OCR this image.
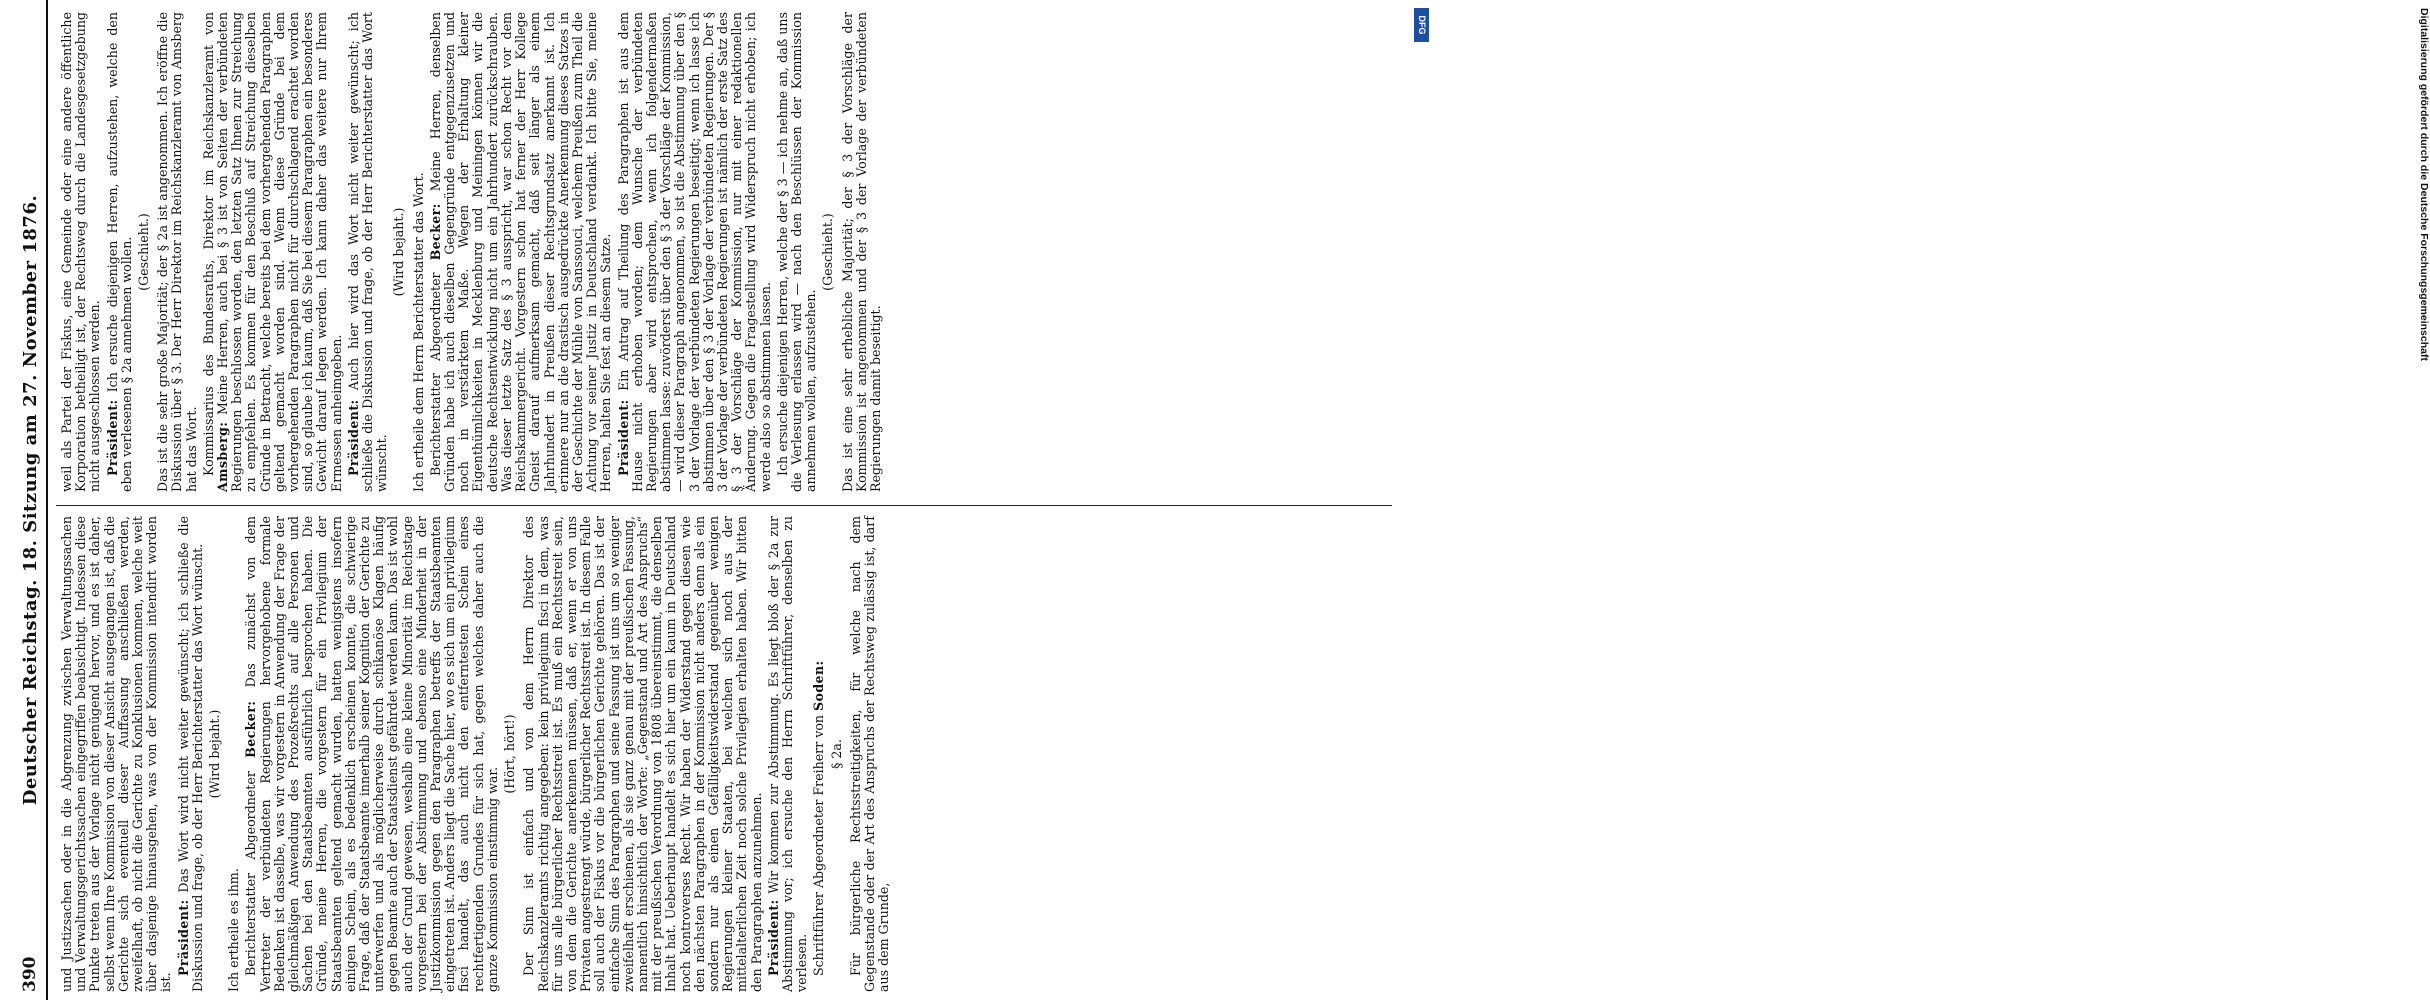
390
Deutscher Reichstag. 18. Sitzung am 27. November 1876. und Justizsachen oder in die Abgrenzung zwischen Verwaltungssachen und Verwaltungsgerichtssachen eingegriffen beabsichtigt. Indessen diese Punkte treten aus der Vorlage nicht genügend hervor, und es ist daher, selbst wenn Ihre Kommission von dieser Ansicht ausgegangen ist, daß die Gerichte sich eventuell dieser Auffassung anschließen werden, zweifelhaft, ob nicht die Gerichte zu Konklusionen kommen, welche weit über dasjenige hinausgehen, was von der Kommission intendirt worden ist.

Präsident: Das Wort wird nicht weiter gewünscht; ich schließe die Diskussion und frage, ob der Herr Berichterstatter das Wort wünscht. (Wird bejaht.)

Ich ertheile es ihm. Berichterstatter Abgeordneter Becker: Das zunächst von dem Vertreter der verbündeten Regierungen hervorgehobene formale Bedenken ist dasselbe, was wir vorgestern in Anwendung der Frage der gleichmäßigen Anwendung des Prozeßrechts auf alle Personen und Sachen bei den Staatsbeamten ausführlich besprochen haben. Die Gründe, meine Herren, die vorgestern für ein Privilegium der Staatsbeamten geltend gemacht wurden, hatten wenigstens insofern einigen Schein, als es bedenklich erscheinen konnte, die schwierige Frage, daß der Staatsbeamte innerhalb seiner Kognition der Gerichte zu unterwerfen und als möglicherweise durch schikanöse Klagen häufig gegen Beamte auch der Staatsdienst gefährdet werden kann. Das ist wohl auch der Grund gewesen, weshalb eine kleine Minorität im Reichstage vorgestern bei der Abstimmung und ebenso eine Minderheit in der Justizkommission gegen den Paragraphen betreffs der Staatsbeamten eingetreten ist. Anders liegt die Sache hier, wo es sich um ein privilegium fisci handelt, das auch nicht den entferntesten Schein eines rechtfertigenden Grundes für sich hat, gegen welches daher auch die ganze Kommission einstimmig war.

(Hört, hört!) Der Sinn ist einfach und von dem Herrn Direktor des Reichskanzleramts richtig angegeben: kein privilegium fisci in dem, was für uns alle bürgerlicher Rechtsstreit ist. Es muß ein Rechtsstreit sein, von dem die Gerichte anerkennen müssen, daß er, wenn er von uns Privaten angestrengt würde, bürgerlicher Rechtsstreit ist. In diesem Falle soll auch der Fiskus vor die bürgerlichen Gerichte gehören. Das ist der einfache Sinn des Paragraphen und seine Fassung ist uns um so weniger zweifelhaft erschienen, als sie ganz genau mit der preußischen Fassung, namentlich hinsichtlich der Worte: „Gegenstand und Art des Anspruchs“ mit der preußischen Verordnung von 1808 übereinstimmt, die denselben Inhalt hat. Ueberhaupt handelt es sich hier um ein kaum in Deutschland noch kontroverses Recht. Wir haben der Widerstand gegen diesen wie den nächsten Paragraphen in der Kommission nicht anders denn als ein sondern nur als einen Gefälligkeitswiderstand gegenüber wenigen Regierungen kleiner Staaten, bei welchen sich noch aus der mittelalterlichen Zeit noch solche Privilegien erhalten haben. Wir bitten den Paragraphen anzunehmen. Präsident: Wir kommen zur Abstimmung. Es liegt bloß der § 2a zur Abstimmung vor; ich ersuche den Herrn Schriftführer, denselben zu verlesen. Schriftführer Abgeordneter Freiherr von Soden:

§ 2a. Für bürgerliche Rechtsstreitigkeiten, für welche nach dem Gegenstande oder der Art des Anspruchs der Rechtsweg zulässig ist, darf aus dem Grunde,

weil als Partei der Fiskus, eine Gemeinde oder eine andere öffentliche Korporation betheiligt ist, der Rechtsweg durch die Landesgesetzgebung nicht ausgeschlossen werden. Präsident: Ich ersuche diejenigen Herren, aufzustehen, welche den eben verlesenen § 2a annehmen wollen. (Geschieht.) Das ist die sehr große Majorität; der § 2a ist angenommen. Ich eröffne die Diskussion über § 3. Der Herr Direktor im Reichskanzleramt von Amsberg hat das Wort. Kommissarius des Bundesraths, Direktor im Reichskanzleramt von Amsberg: Meine Herren, auch bei § 3 ist von Seiten der verbündeten Regierungen beschlossen worden, den letzten Satz Ihnen zur Streichung zu empfehlen. Es kommen für den Beschluß auf Streichung dieselben Gründe in Betracht, welche bereits bei dem vorhergehenden Paragraphen geltend gemacht worden sind. Wenn diese Gründe bei dem vorhergehenden Paragraphen nicht für durchschlagend erachtet worden sind, so glaube ich kaum, daß Sie bei diesem Paragraphen ein besonderes Gewicht darauf legen werden. Ich kann daher das weitere nur Ihrem Ermessen anheimgeben. Präsident: Auch hier wird das Wort nicht weiter gewünscht; ich schließe die Diskussion und frage, ob der Herr Berichterstatter das Wort wünscht.

(Wird bejaht.) Ich ertheile dem Herrn Berichterstatter das Wort. Berichterstatter Abgeordneter Becker: Meine Herren, denselben Gründen habe ich auch dieselben Gegengründe entgegenzusetzen und noch in verstärktem Maße. Wegen der Erhaltung kleiner Eigenthümlichkeiten in Mecklenburg und Meiningen können wir die deutsche Rechtsentwicklung nicht um ein Jahrhundert zurückschrauben. Was dieser letzte Satz des § 3 ausspricht, war schon Recht vor dem Reichskammergericht. Vorgestern schon hat ferner der Herr Kollege Gneist darauf aufmerksam gemacht, daß seit länger als einem Jahrhundert in Preußen dieser Rechtsgrundsatz anerkannt ist. Ich erinnere nur an die drastisch ausgedrückte Anerkennung dieses Satzes in der Geschichte der Mühle von Sanssouci, welchem Preußen zum Theil die Achtung vor seiner Justiz in Deutschland verdankt. Ich bitte Sie, meine Herren, halten Sie fest an diesem Satze. Präsident: Ein Antrag auf Theilung des Paragraphen ist aus dem Hause nicht erhoben worden; dem Wunsche der verbündeten Regierungen aber wird entsprochen, wenn ich folgendermaßen abstimmen lasse: zuvörderst über den § 3 der Vorschläge der Kommission, — wird dieser Paragraph angenommen, so ist die Abstimmung über den § 3 der Vorlage der verbündeten Regierungen beseitigt; wenn ich lasse ich abstimmen über den § 3 der Vorlage der verbündeten Regierungen. Der § 3 der Vorlage der verbündeten Regierungen ist nämlich der erste Satz des § 3 der Vorschläge der Kommission, nur mit einer redaktionellen Änderung. Gegen die Fragestellung wird Widerspruch nicht erhoben; ich werde also so abstimmen lassen. Ich ersuche diejenigen Herren, welche der § 3 — ich nehme an, daß uns die Verlesung erlassen wird — nach den Beschlüssen der Kommission annehmen wollen, aufzustehen.

(Geschieht.) Das ist eine sehr erhebliche Majorität; der § 3 der Vorschläge der Kommission ist angenommen und der § 3 der Vorlage der verbündeten Regierungen damit beseitigt.

DFG	Digitalisierung gefördert durch die Deutsche Forschungsgemeinschaft
